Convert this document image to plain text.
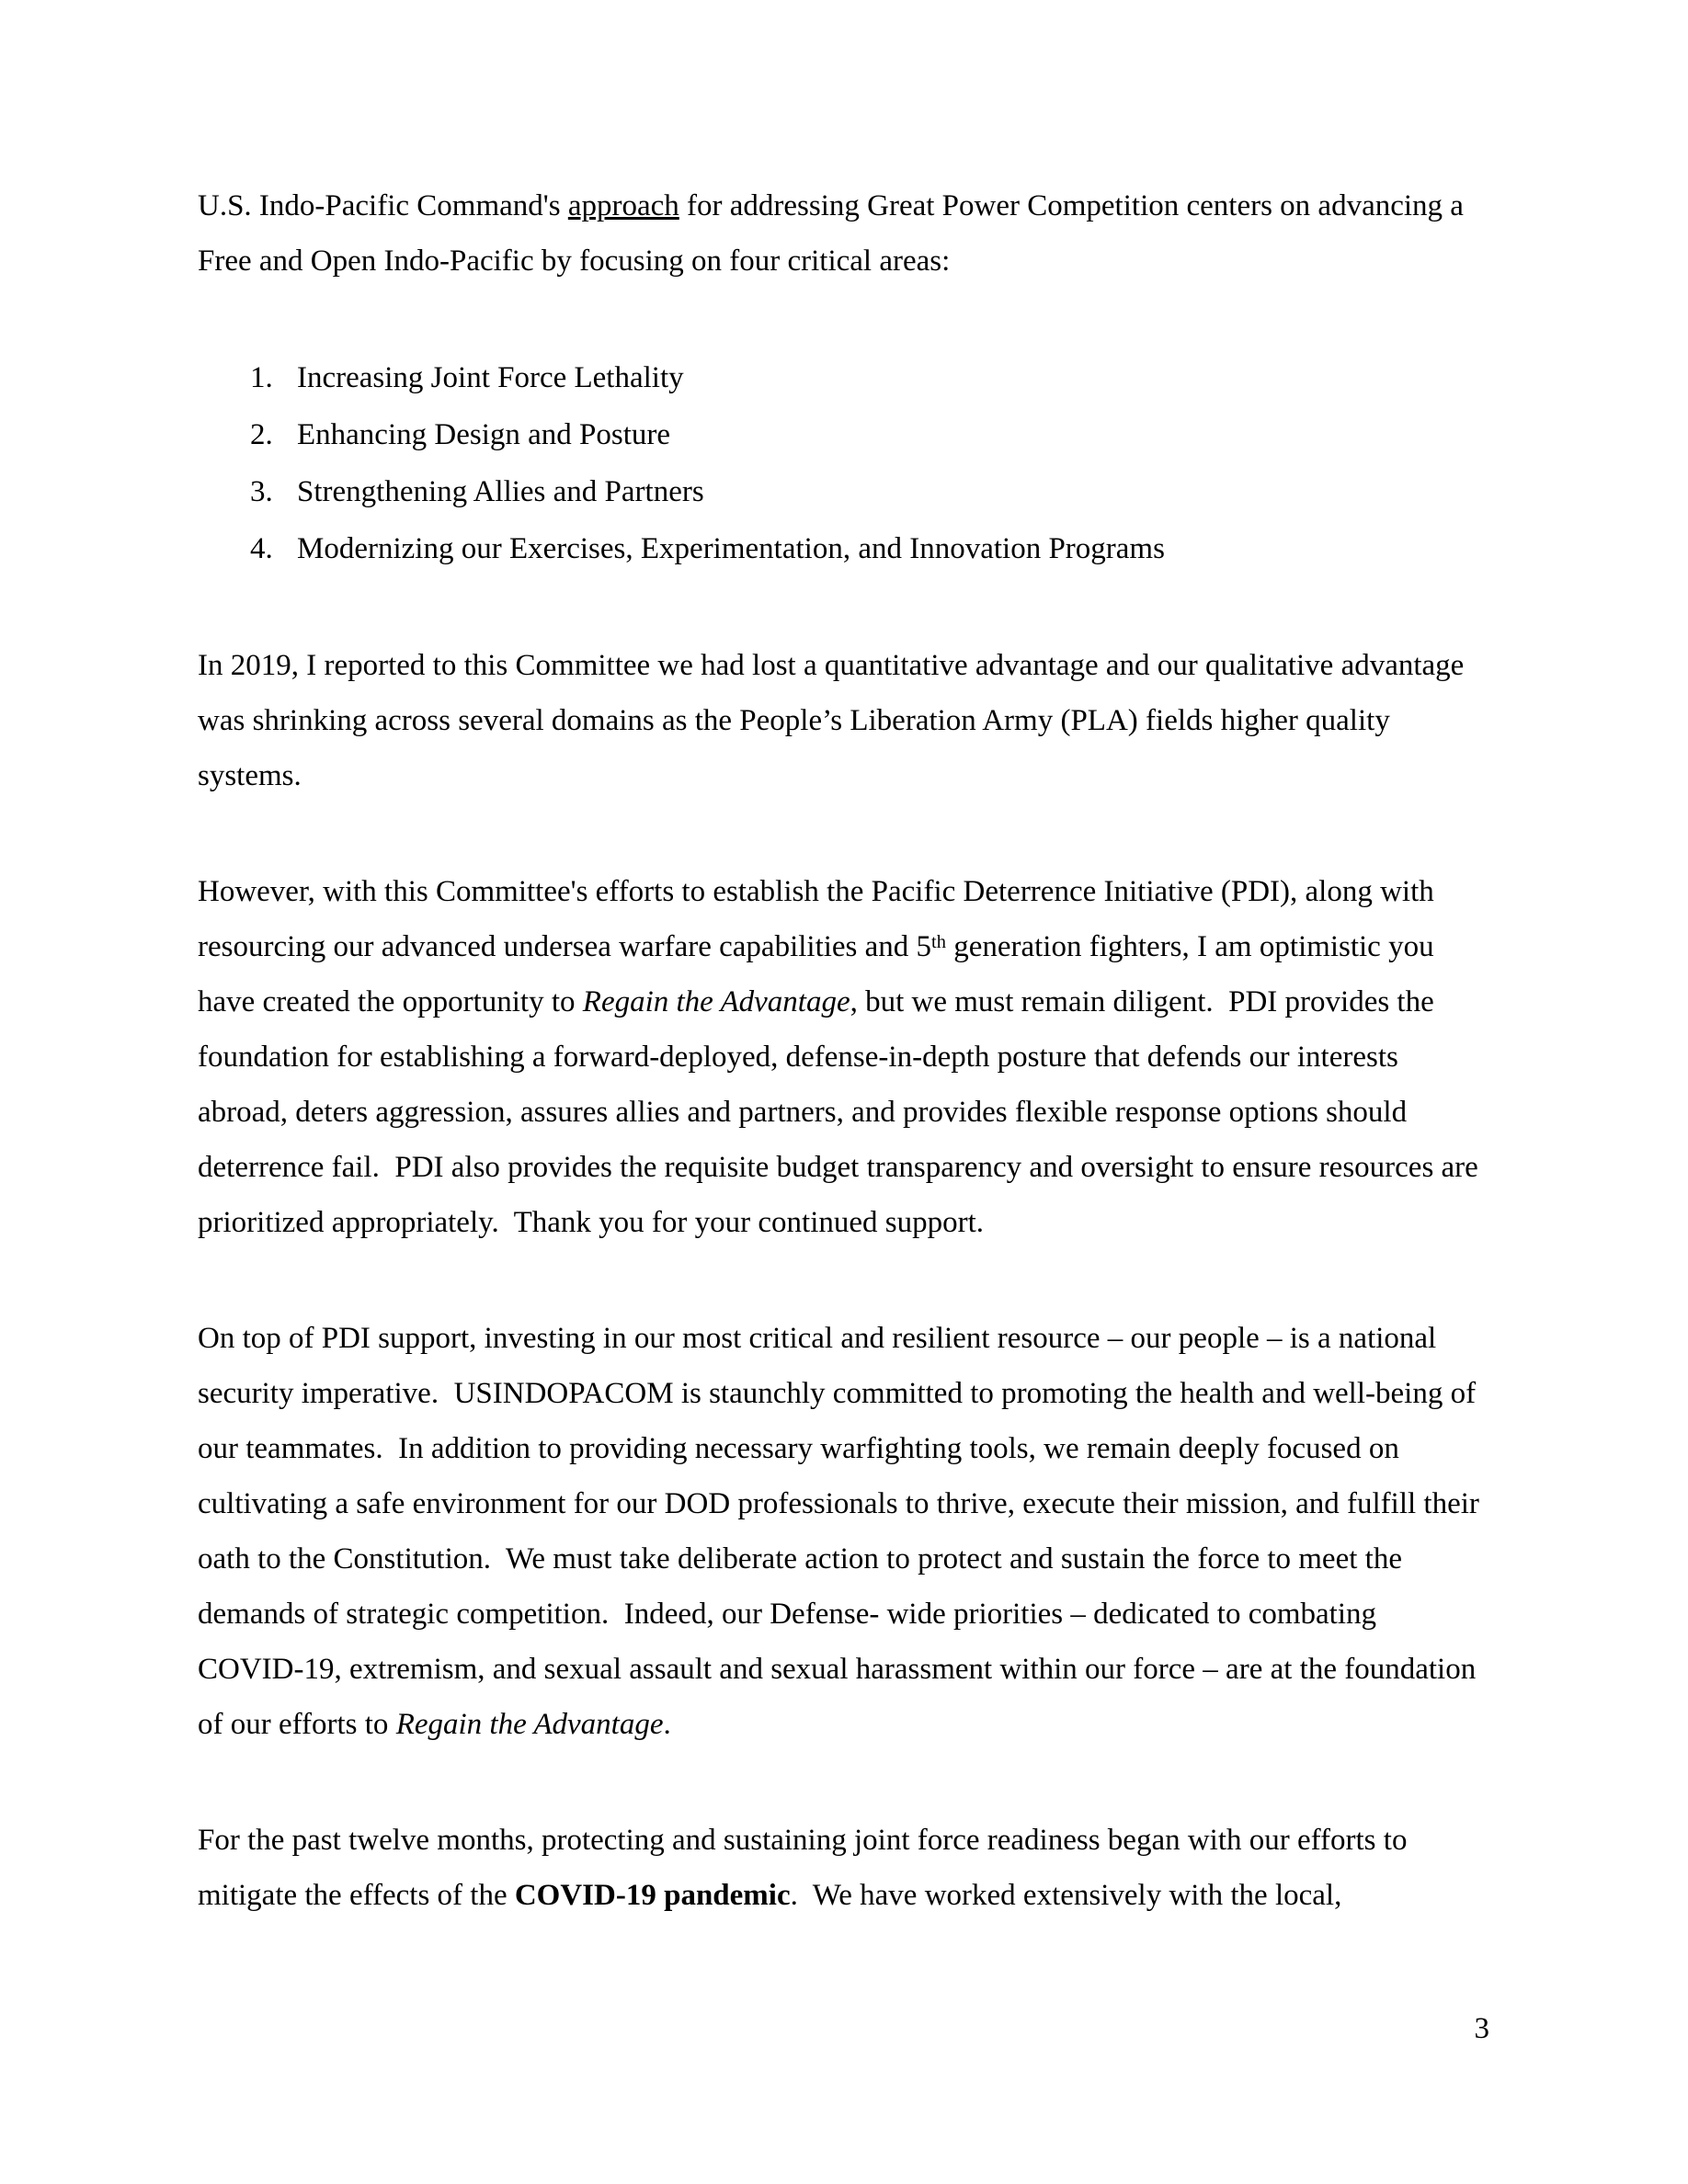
U.S. Indo-Pacific Command's approach for addressing Great Power Competition centers on advancing a Free and Open Indo-Pacific by focusing on four critical areas:

1. Increasing Joint Force Lethality
2. Enhancing Design and Posture
3. Strengthening Allies and Partners
4. Modernizing our Exercises, Experimentation, and Innovation Programs

In 2019, I reported to this Committee we had lost a quantitative advantage and our qualitative advantage was shrinking across several domains as the People’s Liberation Army (PLA) fields higher quality systems.

However, with this Committee's efforts to establish the Pacific Deterrence Initiative (PDI), along with resourcing our advanced undersea warfare capabilities and 5th generation fighters, I am optimistic you have created the opportunity to Regain the Advantage, but we must remain diligent.  PDI provides the foundation for establishing a forward-deployed, defense-in-depth posture that defends our interests abroad, deters aggression, assures allies and partners, and provides flexible response options should deterrence fail.  PDI also provides the requisite budget transparency and oversight to ensure resources are prioritized appropriately.  Thank you for your continued support.

On top of PDI support, investing in our most critical and resilient resource – our people – is a national security imperative.  USINDOPACOM is staunchly committed to promoting the health and well-being of our teammates.  In addition to providing necessary warfighting tools, we remain deeply focused on cultivating a safe environment for our DOD professionals to thrive, execute their mission, and fulfill their oath to the Constitution.  We must take deliberate action to protect and sustain the force to meet the demands of strategic competition.  Indeed, our Defense- wide priorities – dedicated to combating COVID-19, extremism, and sexual assault and sexual harassment within our force – are at the foundation of our efforts to Regain the Advantage.

For the past twelve months, protecting and sustaining joint force readiness began with our efforts to mitigate the effects of the COVID-19 pandemic.  We have worked extensively with the local,

3
